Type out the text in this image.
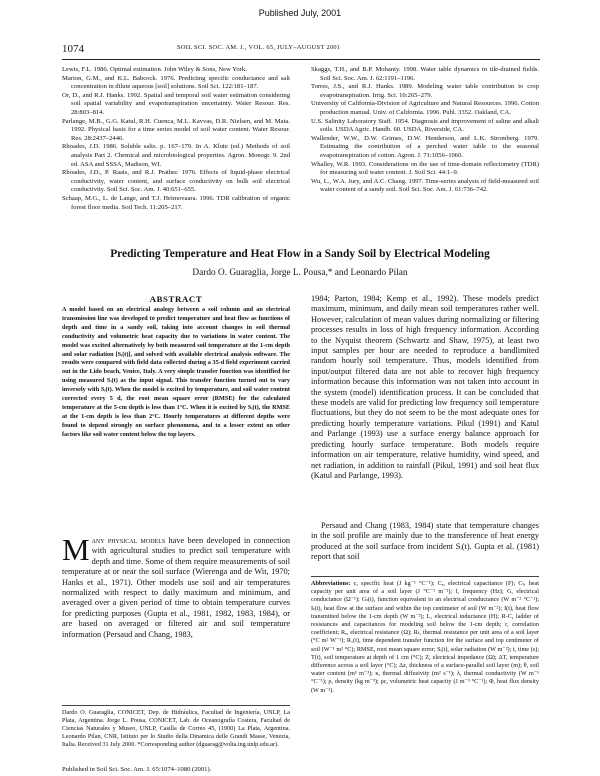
Published July, 2001
1074	SOIL SCI. SOC. AM. J., VOL. 65, JULY–AUGUST 2001
Lewis, F.L. 1986. Optimal estimation. John Wiley & Sons, New York.
Marion, G.M., and K.L. Babcock. 1976. Predicting specific conductance and salt concentration in dilute aqueous [soil] solutions. Soil Sci. 122:181–187.
Or, D., and R.J. Hanks. 1992. Spatial and temporal soil water estimation considering soil spatial variability and evapotranspiration uncertainty. Water Resour. Res. 28:803–814.
Parlange, M.B., G.G. Katul, R.H. Cuenca, M.L. Kavvas, D.R. Nielsen, and M. Mata. 1992. Physical basis for a time series model of soil water content. Water Resour. Res. 28:2437–2446.
Rhoades, J.D. 1986. Soluble salts. p. 167–179. In A. Klute (ed.) Methods of soil analysis Part 2. Chemical and microbiological properties. Agron. Monogr. 9. 2nd ed. ASA and SSSA, Madison, WI.
Rhoades, J.D., P. Raats, and R.J. Prather. 1976. Effects of liquid-phase electrical conductivity, water content, and surface conductivity on bulk soil electrical conductivity. Soil Sci. Soc. Am. J. 40:651–655.
Schaap, M.G., L. de Lange, and T.J. Heimovaara. 1996. TDR calibration of organic forest floor media. Soil Tech. 11:205–217.
Skaggs, T.H., and B.P. Mohanty. 1998. Water table dynamics in tile-drained fields. Soil Sci. Soc. Am. J. 62:1191–1196.
Torres, J.S., and R.J. Hanks. 1989. Modeling water table contribution to crop evapotranspiration. Irrig. Sci. 10:265–279.
University of California-Division of Agriculture and Natural Resources. 1996. Cotton production manual. Univ. of California. 1996. Publ. 3352. Oakland, CA.
U.S. Salinity Laboratory Staff. 1954. Diagnosis and improvement of saline and alkali soils. USDA Agric. Handb. 60. USDA, Riverside, CA.
Wallender, W.W., D.W. Grimes, D.W. Henderson, and L.K. Stromberg. 1979. Estimating the contribution of a perched water table to the seasonal evapotranspiration of cotton. Agron. J. 71:1056–1060.
Whalley, W.R. 1993. Considerations on the use of time-domain reflectometry (TDR) for measuring soil water content. J. Soil Sci. 44:1–9.
Wu, L., W.A. Jury, and A.C. Chang. 1997. Time-series analysis of field-measured soil water content of a sandy soil. Soil Sci. Soc. Am. J. 61:736–742.
Predicting Temperature and Heat Flow in a Sandy Soil by Electrical Modeling
Dardo O. Guaraglia, Jorge L. Pousa,* and Leonardo Pilan
ABSTRACT

A model based on an electrical analogy between a soil column and an electrical transmission line was developed to predict temperature and heat flow as functions of depth and time in a sandy soil, taking into account changes in soil thermal conductivity and volumetric heat capacity due to variations in water content. The model was excited alternatively by both measured soil temperature at the 1-cm depth and solar radiation [Sᵢ(t)], and solved with available electrical analysis software. The results were compared with field data collected during a 35-d field experiment carried out in the Lido beach, Venice, Italy. A very simple transfer function was identified for using measured Sᵢ(t) as the input signal. This transfer function turned out to vary inversely with Sᵢ(t). When the model is excited by temperature, and soil water content corrected every 5 d, the root mean square error (RMSE) for the calculated temperature at the 5-cm depth is less than 1°C. When it is excited by Sᵢ(t), the RMSE at the 1-cm depth is less than 2°C. Hourly temperatures at different depths were found to depend strongly on surface phenomena, and to a lesser extent on other factors like soil water content below the top layers.

Many physical models have been developed in connection with agricultural studies to predict soil temperature with depth and time. Some of them require measurements of soil temperature at or near the soil surface (Wierenga and de Wit, 1970; Hanks et al., 1971). Other models use soil and air temperatures normalized with respect to daily maximum and minimum, and averaged over a given period of time to obtain temperature curves for predicting purposes (Gupta et al., 1981, 1982, 1983, 1984), or are based on averaged or filtered air and soil temperature information (Persaud and Chang, 1983,

Dardo O. Guaraglia, CONICET, Dep. de Hidráulica, Facultad de Ingeniería, UNLP, La Plata, Argentina. Jorge L. Pousa, CONICET, Lab. de Oceanografía Costera, Facultad de Ciencias Naturales y Museo, UNLP, Casilla de Correo 45, (1900) La Plata, Argentina. Leonardo Pilan, CNR, Istituto per lo Studio della Dinamica delle Grandi Masse, Venezia, Italia. Received 31 July 2000. *Corresponding author (dguarag@volta.ing.unlp.edu.ar).

Published in Soil Sci. Soc. Am. J. 65:1074–1080 (2001).

1984; Parton, 1984; Kemp et al., 1992). These models predict maximum, minimum, and daily mean soil temperatures rather well. However, calculation of mean values during normalizing or filtering processes results in loss of high frequency information. According to the Nyquist theorem (Schwartz and Shaw, 1975), at least two input samples per hour are needed to reproduce a bandlimited random hourly soil temperature. Thus, models identified from input/output filtered data are not able to recover high frequency information because this information was not taken into account in the system (model) identification process. It can be concluded that these models are valid for predicting low frequency soil temperature fluctuations, but they do not seem to be the most adequate ones for predicting hourly temperature variations. Pikul (1991) and Katul and Parlange (1993) use a surface energy balance approach for predicting hourly surface temperature. Both models require information on air temperature, relative humidity, wind speed, and net radiation, in addition to rainfall (Pikul, 1991) and soil heat flux (Katul and Parlange, 1993).

Persaud and Chang (1983, 1984) state that temperature changes in the soil profile are mainly due to the transference of heat energy produced at the soil surface from incident Sᵢ(t). Gupta et al. (1981) report that soil

Abbreviations: c, specific heat (J kg⁻¹ °C⁻¹); Cₑ, electrical capacitance (F); Cₜ, heat capacity per unit area of a soil layer (J °C⁻¹ m⁻²); f, frequency (Hz); G, electrical conductance (Ω⁻¹); Gₜ(t), function equivalent to an electrical conductance (W m⁻² °C⁻¹); Iₜ(t), heat flow at the surface and within the top centimeter of soil (W m⁻²); I(t), heat flow transmitted below the 1-cm depth (W m⁻²); L, electrical inductance (H); R-C, ladder of resistances and capacitances for modeling soil below the 1-cm depth; r, correlation coefficient; Rₑ, electrical resistance (Ω); Rₜ, thermal resistance per unit area of a soil layer (°C m² W⁻¹); R₁(t), time dependent transfer function for the surface and top centimeter of soil (W⁻¹ m² °C); RMSE, root mean square error; Sᵢ(t), solar radiation (W m⁻²); t, time (s); T(t), soil temperature at depth of 1 cm (°C); Z, electrical impedance (Ω); ΔT, temperature difference across a soil layer (°C); Δz, thickness of a surface-parallel soil layer (m); θ, soil water content (m³ m⁻³); κ, thermal diffusivity (m² s⁻¹); λ, thermal conductivity (W m⁻¹ °C⁻¹); ρ, density (kg m⁻³); ρc, volumetric heat capacity (J m⁻³ °C⁻¹); Φ, heat flux density (W m⁻²).
